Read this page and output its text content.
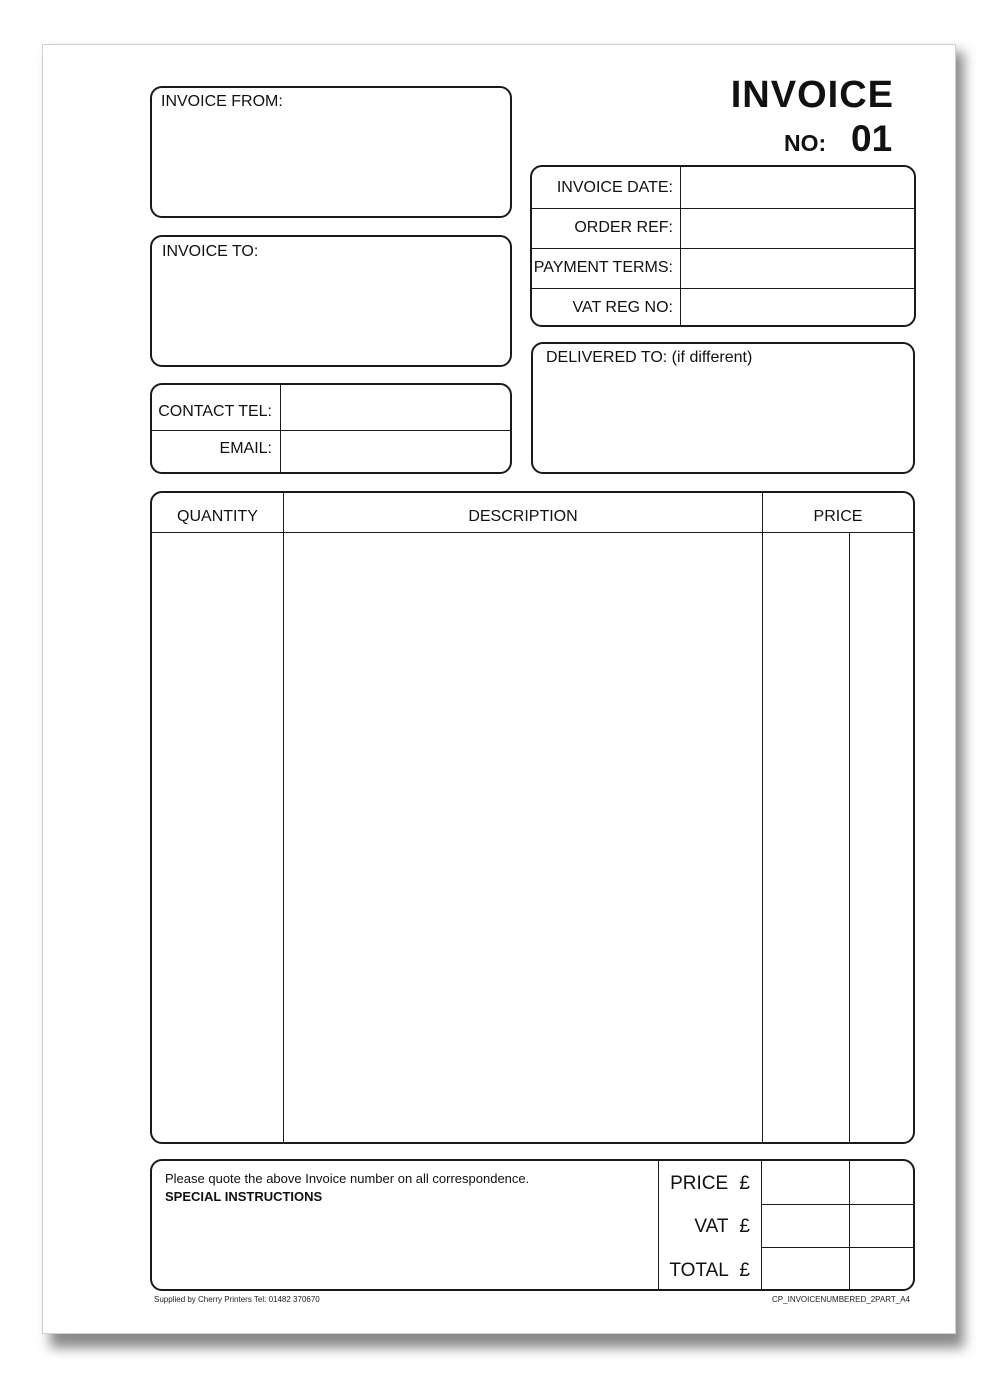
INVOICE
NO: 01
INVOICE FROM:
INVOICE TO:
CONTACT TEL:
EMAIL:
INVOICE DATE:
ORDER REF:
PAYMENT TERMS:
VAT REG NO:
DELIVERED TO: (if different)
QUANTITY	DESCRIPTION	PRICE
Please quote the above Invoice number on all correspondence.
SPECIAL INSTRUCTIONS
PRICE £
VAT £
TOTAL £
Supplied by Cherry Printers Tel: 01482 370670	CP_INVOICENUMBERED_2PART_A4
